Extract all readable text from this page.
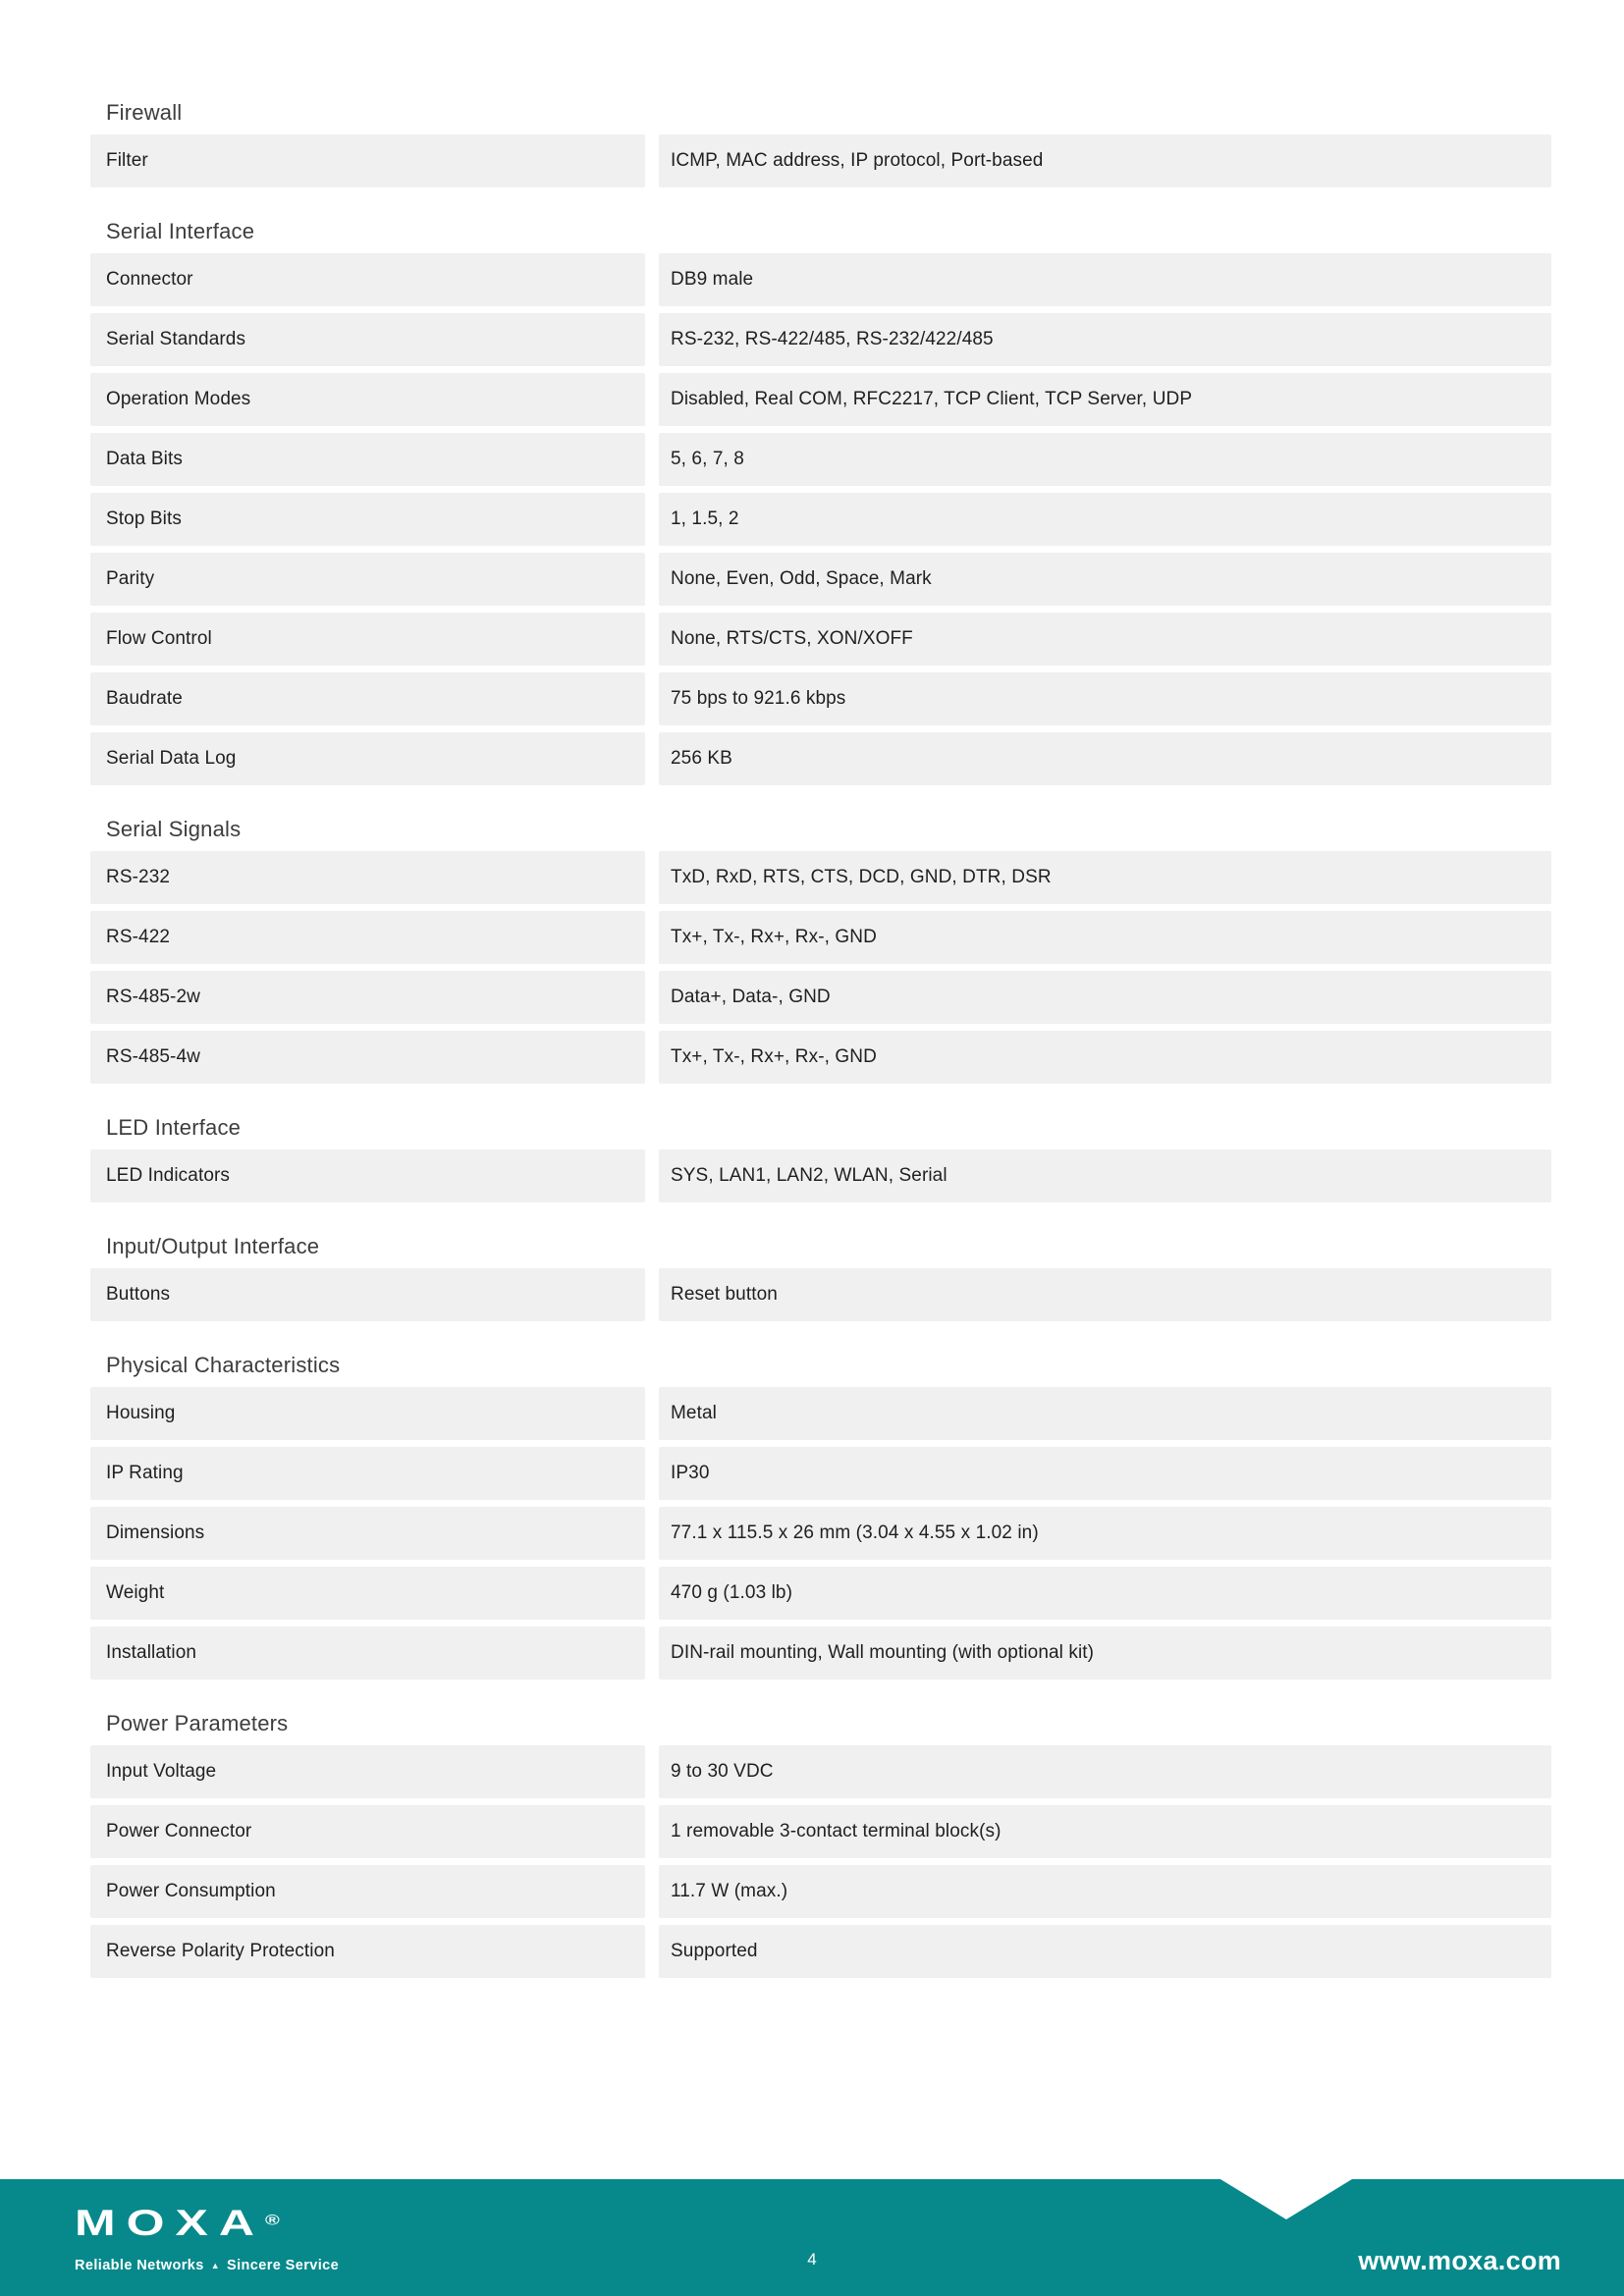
Firewall
Filter	ICMP, MAC address, IP protocol, Port-based
Serial Interface
Connector	DB9 male
Serial Standards	RS-232, RS-422/485, RS-232/422/485
Operation Modes	Disabled, Real COM, RFC2217, TCP Client, TCP Server, UDP
Data Bits	5, 6, 7, 8
Stop Bits	1, 1.5, 2
Parity	None, Even, Odd, Space, Mark
Flow Control	None, RTS/CTS, XON/XOFF
Baudrate	75 bps to 921.6 kbps
Serial Data Log	256 KB
Serial Signals
RS-232	TxD, RxD, RTS, CTS, DCD, GND, DTR, DSR
RS-422	Tx+, Tx-, Rx+, Rx-, GND
RS-485-2w	Data+, Data-, GND
RS-485-4w	Tx+, Tx-, Rx+, Rx-, GND
LED Interface
LED Indicators	SYS, LAN1, LAN2, WLAN, Serial
Input/Output Interface
Buttons	Reset button
Physical Characteristics
Housing	Metal
IP Rating	IP30
Dimensions	77.1 x 115.5 x 26 mm (3.04 x 4.55 x 1.02 in)
Weight	470 g (1.03 lb)
Installation	DIN-rail mounting, Wall mounting (with optional kit)
Power Parameters
Input Voltage	9 to 30 VDC
Power Connector	1 removable 3-contact terminal block(s)
Power Consumption	11.7 W (max.)
Reverse Polarity Protection	Supported
MOXA®
Reliable Networks ▲ Sincere Service	4	www.moxa.com
